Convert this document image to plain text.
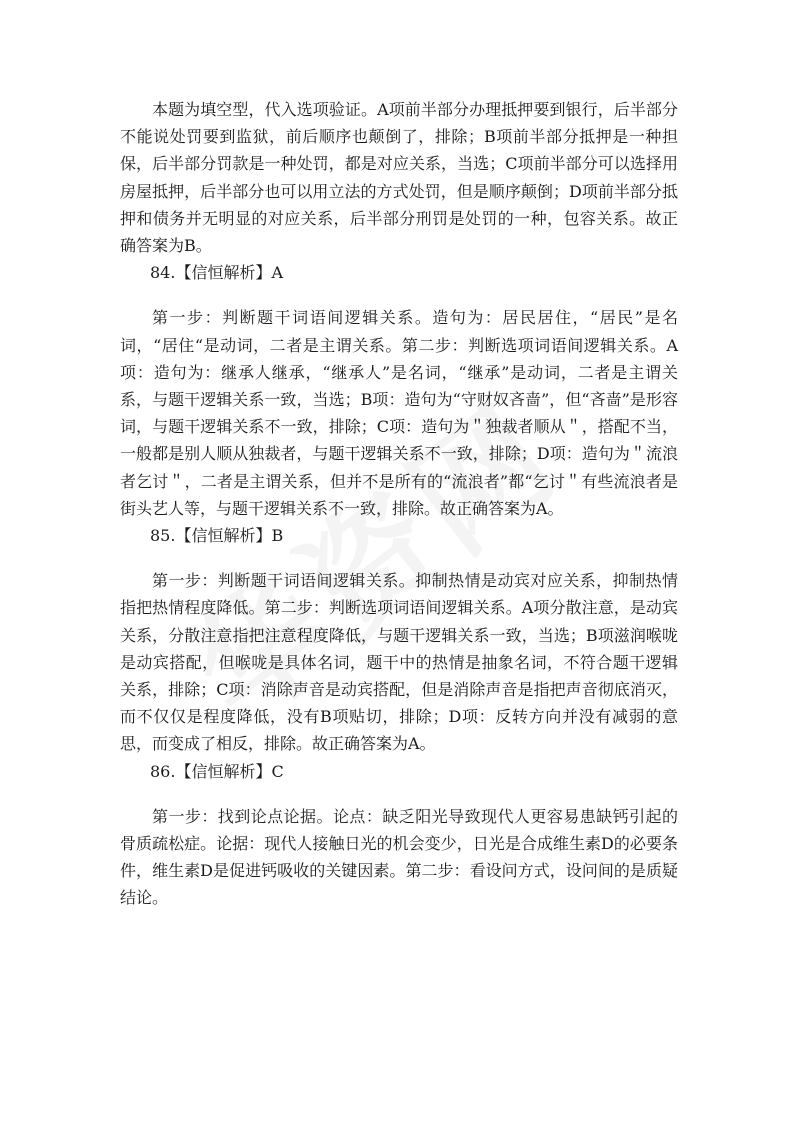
本题为填空型，代入选项验证。A项前半部分办理抵押要到银行，后半部分不能说处罚要到监狱，前后顺序也颠倒了，排除；B项前半部分抵押是一种担保，后半部分罚款是一种处罚，都是对应关系，当选；C项前半部分可以选择用房屋抵押，后半部分也可以用立法的方式处罚，但是顺序颠倒；D项前半部分抵押和债务并无明显的对应关系，后半部分刑罚是处罚的一种，包容关系。故正确答案为B。

84.【信恒解析】A

第一步：判断题干词语间逻辑关系。造句为：居民居住，“居民”是名词，“居住“是动词，二者是主谓关系。第二步：判断选项词语间逻辑关系。A项：造句为：继承人继承，“继承人”是名词，“继承”是动词，二者是主谓关系，与题干逻辑关系一致，当选；B项：造句为“守财奴吝啬”，但“吝啬”是形容词，与题干逻辑关系不一致，排除；C项：造句为＂独裁者顺从＂，搭配不当，一般都是别人顺从独裁者，与题干逻辑关系不一致，排除；D项：造句为＂流浪者乞讨＂，二者是主谓关系，但并不是所有的“流浪者”都“乞讨＂有些流浪者是街头艺人等，与题干逻辑关系不一致，排除。故正确答案为A。

85.【信恒解析】B

第一步：判断题干词语间逻辑关系。抑制热情是动宾对应关系，抑制热情指把热情程度降低。第二步：判断选项词语间逻辑关系。A项分散注意，是动宾关系，分散注意指把注意程度降低，与题干逻辑关系一致，当选；B项滋润喉咙是动宾搭配，但喉咙是具体名词，题干中的热情是抽象名词，不符合题干逻辑关系，排除；C项：消除声音是动宾搭配，但是消除声音是指把声音彻底消灭，而不仅仅是程度降低，没有B项贴切，排除；D项：反转方向并没有减弱的意思，而变成了相反，排除。故正确答案为A。

86.【信恒解析】C

第一步：找到论点论据。论点：缺乏阳光导致现代人更容易患缺钙引起的骨质疏松症。论据：现代人接触日光的机会变少，日光是合成维生素D的必要条件，维生素D是促进钙吸收的关键因素。第二步：看设问方式，设问间的是质疑结论。
